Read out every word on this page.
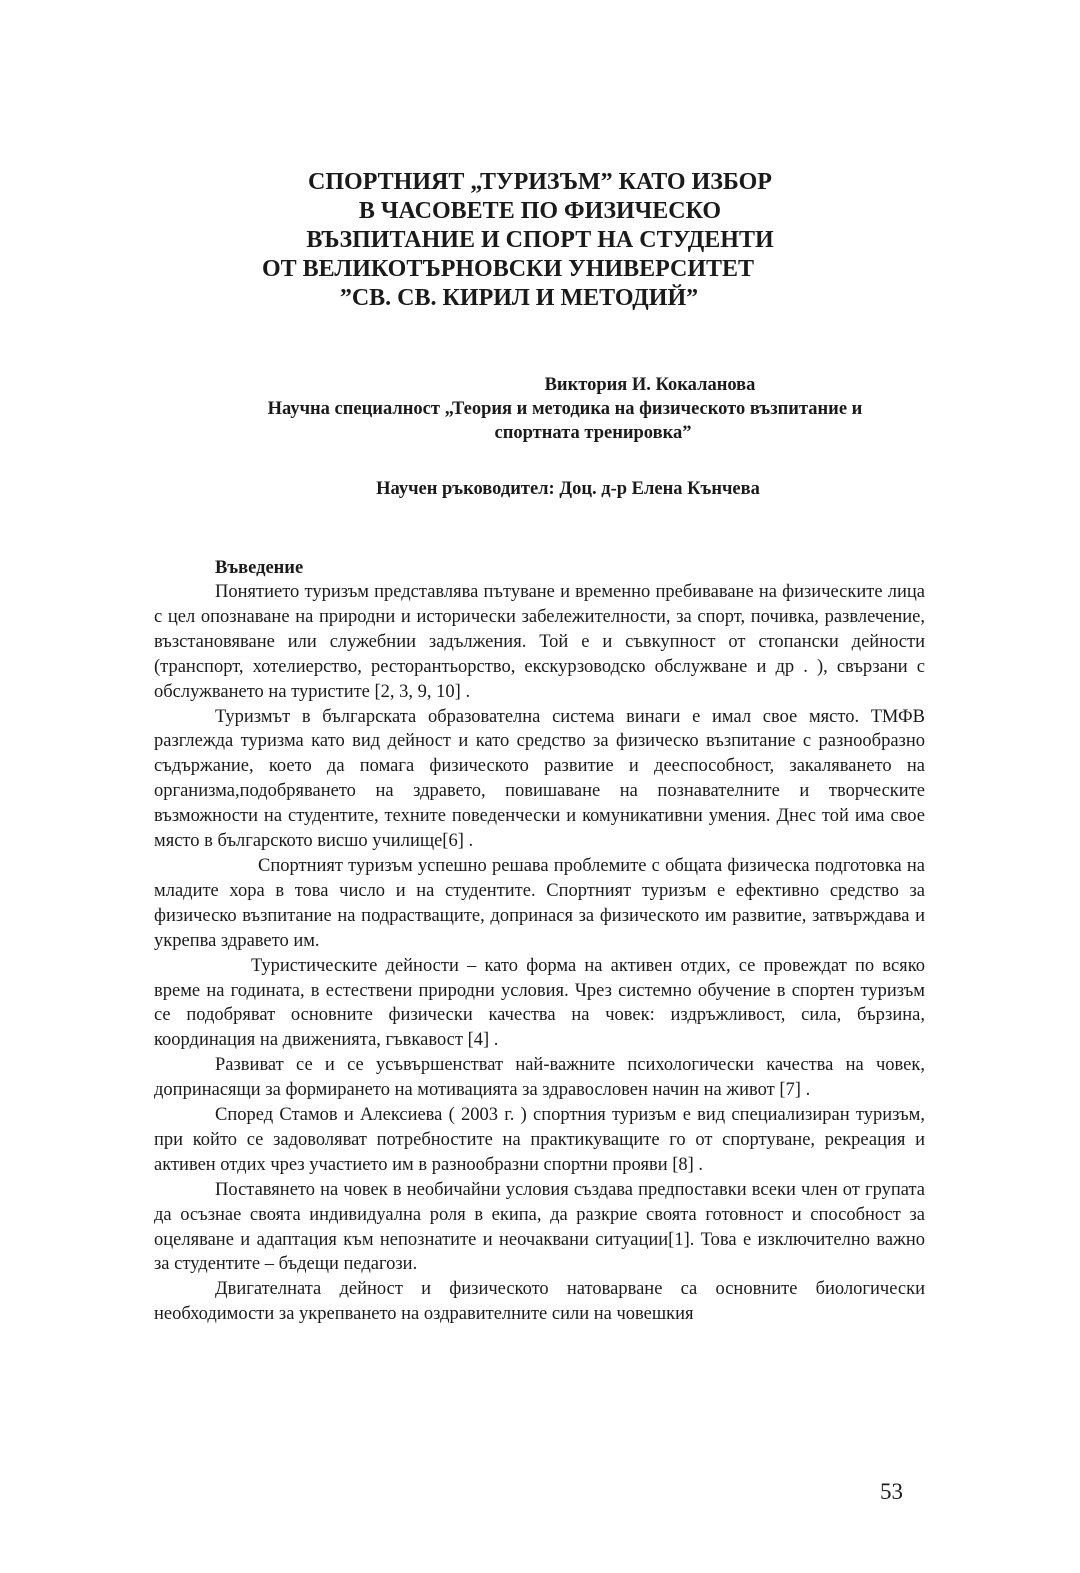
СПОРТНИЯТ „ТУРИЗЪМ” КАТО ИЗБОР
В ЧАСОВЕТЕ ПО ФИЗИЧЕСКО
ВЪЗПИТАНИЕ И СПОРТ НА СТУДЕНТИ
ОТ ВЕЛИКОТЪРНОВСКИ УНИВЕРСИТЕТ
”СВ. СВ. КИРИЛ И МЕТОДИЙ”
Виктория И. Кокаланова
Научна специалност „Теория и методика на физическото възпитание и
спортната тренировка”
Научен ръководител: Доц. д-р Елена Кънчева
Въведение

Понятието туризъм представлява пътуване и временно пребиваване на физическите лица с цел опознаване на природни и исторически забележителности, за спорт, почивка, развлечение, възстановяване или служебнии задължения. Той е и съвкупност от стопански дейности (транспорт, хотелиерство, ресторантьорство, екскурзоводско обслужване и др . ), свързани с обслужването на туристите [2, 3, 9, 10] .

Туризмът в българската образователна система винаги е имал свое място. ТМФВ разглежда туризма като вид дейност и като средство за физическо възпитание с разнообразно съдържание, което да помага физическото развитие и дееспособност, закаляването на организма,подобряването на здравето, повишаване на познавателните и творческите възможности на студентите, техните поведенчески и комуникативни умения. Днес той има свое място в българското висшо училище[6] .

Спортният туризъм успешно решава проблемите с общата физическа подготовка на младите хора в това число и на студентите. Спортният туризъм е ефективно средство за физическо възпитание на подрастващите, допринася за физическото им развитие, затвърждава и укрепва здравето им.

Туристическите дейности – като форма на активен отдих, се провеждат по всяко време на годината, в естествени природни условия. Чрез системно обучение в спортен туризъм се подобряват основните физически качества на човек: издръжливост, сила, бързина, координация на движенията, гъвкавост [4] .

Развиват се и се усъвършенстват най-важните психологически качества на човек, допринасящи за формирането на мотивацията за здравословен начин на живот [7] .

Според Стамов и Алексиева ( 2003 г. ) спортния туризъм е вид специализиран туризъм, при който се задоволяват потребностите на практикуващите го от спортуване, рекреация и активен отдих чрез участието им в разнообразни спортни прояви [8] .

Поставянето на човек в необичайни условия създава предпоставки всеки член от групата да осъзнае своята индивидуална роля в екипа, да разкрие своята готовност и способност за оцеляване и адаптация към непознатите и неочаквани ситуации[1]. Това е изключително важно за студентите – бъдещи педагози.

Двигателната дейност и физическото натоварване са основните биологически необходимости за укрепването на оздравителните сили на човешкия

53
